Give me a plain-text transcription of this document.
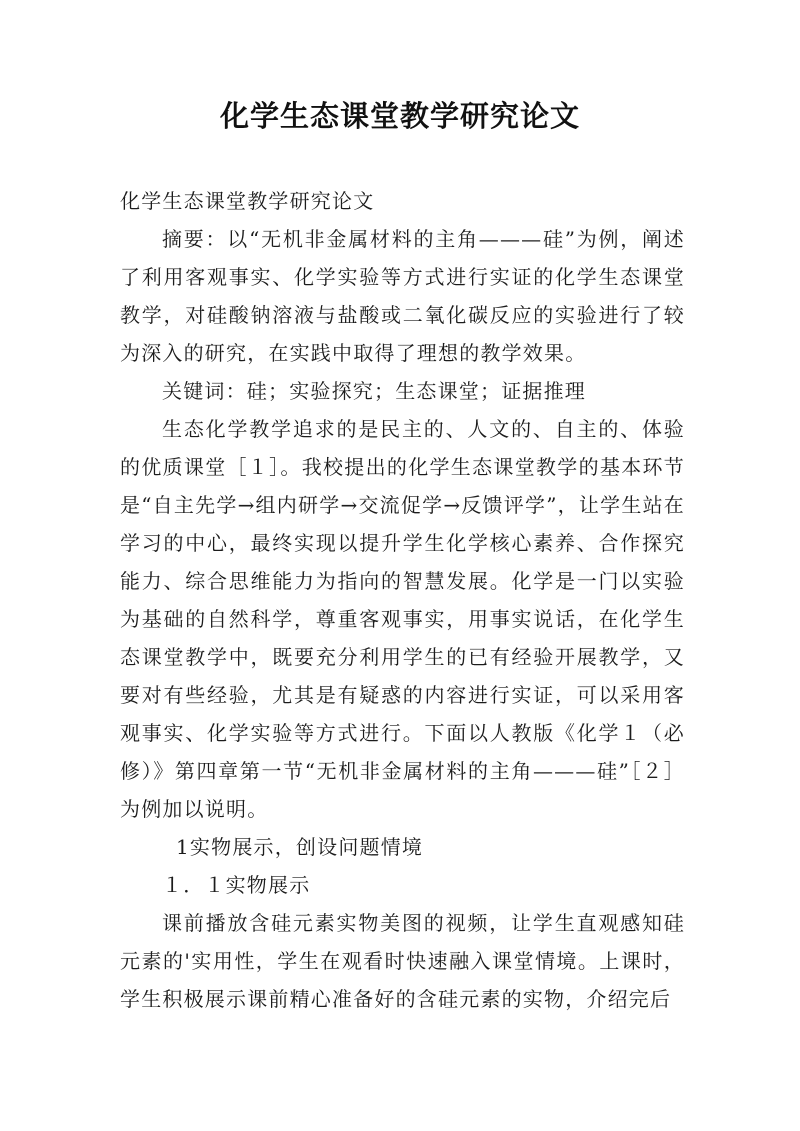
化学生态课堂教学研究论文

化学生态课堂教学研究论文

摘要：以“无机非金属材料的主角———硅”为例，阐述了利用客观事实、化学实验等方式进行实证的化学生态课堂教学，对硅酸钠溶液与盐酸或二氧化碳反应的实验进行了较为深入的研究，在实践中取得了理想的教学效果。

关键词：硅；实验探究；生态课堂；证据推理

生态化学教学追求的是民主的、人文的、自主的、体验的优质课堂［１］。我校提出的化学生态课堂教学的基本环节是“自主先学→组内研学→交流促学→反馈评学”，让学生站在学习的中心，最终实现以提升学生化学核心素养、合作探究能力、综合思维能力为指向的智慧发展。化学是一门以实验为基础的自然科学，尊重客观事实，用事实说话，在化学生态课堂教学中，既要充分利用学生的已有经验开展教学，又要对有些经验，尤其是有疑惑的内容进行实证，可以采用客观事实、化学实验等方式进行。下面以人教版《化学１（必修）》第四章第一节“无机非金属材料的主角———硅”［２］为例加以说明。

1实物展示，创设问题情境

１．１实物展示

课前播放含硅元素实物美图的视频，让学生直观感知硅元素的'实用性，学生在观看时快速融入课堂情境。上课时，学生积极展示课前精心准备好的含硅元素的实物，介绍完后
